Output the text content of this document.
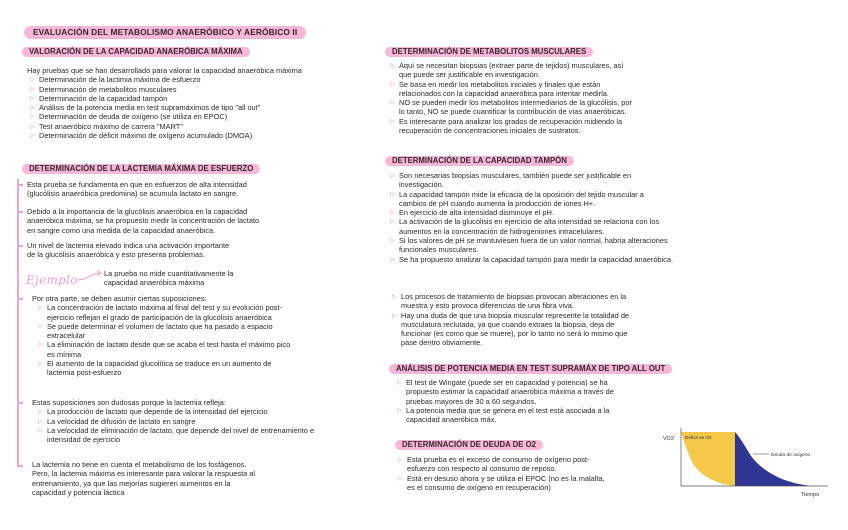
EVALUACIÓN DEL METABOLISMO ANAERÓBICO Y AERÓBICO II
VALORACIÓN DE LA CAPACIDAD ANAERÓBICA MÁXIMA

Hay pruebas que se han desarrollado para valorar la capacidad anaeróbica máxima

▷ Determinación de la lactimia máxima de esfuerzo
▷ Determinación de metabolitos musculares
▷ Determinación de la capacidad tampón
▷ Análisis de la potencia media en test supramáximos de tipo "all out"
▷ Determinación de deuda de oxígeno (se utiliza en EPOC)
▷ Test anaeróbico máximo de carrera "MART"
▷ Determinación de déficit máximo de oxígeno acumulado (DMOA)
DETERMINACIÓN DE LA LACTEMIA MÁXIMA DE ESFUERZO

Esta prueba se fundamenta en que en esfuerzos de alta intensidad

(glucólisis anaeróbica predomina) se acumula lactato en sangre.

Debido a la importancia de la glucólisis anaeróbica en la capacidad

anaeróbica máxima, se ha propuesto medir la concentración de lactato

en sangre como una medida de la capacidad anaeróbica.

Un nivel de lactemia elevado indica una activación importante

de la glucólisis anaeróbica y esto presenta problemas.

Ejemplo	La prueba no mide cuantitativamente la

capacidad anaeróbica máxima

Por otra parte, se deben asumir ciertas suposiciones:

▷ La concentración de lactato máxima al final del test y su evolución post-
ejercicio reflejan el grado de participación de la glucólisis anaeróbica
▷ Se puede determinar el volumen de lactato que ha pasado a espacio
extracelular
▷ La eliminación de lactato desde que se acaba el test hasta el máximo pico
es mínima
▷ El aumento de la capacidad glucolítica se traduce en un aumento de
lactemia post-esfuerzo

Estas suposiciones son dudosas porque la lactemia refleja:

▷ La producción de lactato que depende de la intensidad del ejercicio
▷ La velocidad de difusión de lactato en sangre
▷ La velocidad de eliminación de lactato, que depende del nivel de entrenamiento e
intensidad de ejercicio

La lactemia no tiene en cuenta el metabolismo de los fosfágenos.

Pero, la lactemia máxima es interesante para valorar la respuesta al

entrenamiento, ya que las mejorías sugieren aumentos en la

capacidad y potencia láctica

DETERMINACIÓN DE METABOLITOS MUSCULARES
▷ Aquí se necesitan biopsias (extraer parte de tejidos) musculares, así
que puede ser justificable en investigación.
▷ Se basa en medir los metabolitos iniciales y finales que están
relacionados con la capacidad anaeróbica para intentar medirla.
▷ NO se pueden medir los metabolitos intermediarios de la glucólisis, por
lo tanto, NO se puede cuantificar la contribución de vías anaeróbicas.
▷ Es interesante para analizar los grados de recuperación midiendo la
recuperación de concentraciones iniciales de sustratos.
DETERMINACIÓN DE LA CAPACIDAD TAMPÓN
▷ Son necesarias biopsias musculares, también puede ser justificable en
investigación.
▷ La capacidad tampón mide la eficacia de la oposición del tejido muscular a
cambios de pH cuando aumenta la producción de iones H+.
▷ En ejercicio de alta intensidad disminuye el pH.
▷ La activación de la glucólisis en ejercicio de alta intensidad se relaciona con los
aumentos en la concentración de hidrogeniones intracelulares.
▷ Si los valores de pH se mantuviesen fuera de un valor normal, habría alteraciones
funcionales musculares.
▷ Se ha propuesto analizar la capacidad tampón para medir la capacidad anaeróbica.
▷ Los procesos de tratamiento de biopsias provocan alteraciones en la
muestra y esto provoca diferencias de una fibra viva.
▷ Hay una duda de que una biopsia muscular represente la totalidad de
musculatura reclutada, ya que cuando extraes la biopsia, deja de
funcionar (es como que se muere), por lo tanto no será lo mismo que
pase dentro obviamente.
ANÁLISIS DE POTENCIA MEDIA EN TEST SUPRAMÁX DE TIPO ALL OUT
▷ El test de Wingate (puede ser en capacidad y potencia) se ha
propuesto estimar la capacidad anaeróbica máxima a través de
pruebas mayores de 30 a 60 segundos.
▷ La potencia media que se genera en el test está asociada a la
capacidad anaeróbica máx.
DETERMINACIÓN DE DEUDA DE O2
▷ Esta prueba es el exceso de consumo de oxígeno post-
esfuerzo con respecto al consumo de reposo.
▷ Está en desuso ahora y se utiliza el EPOC (no es la malalta,
es el consumo de oxígeno en recuperación)
VO2
Tiempo
Déficit de O2
Deuda de oxígeno
